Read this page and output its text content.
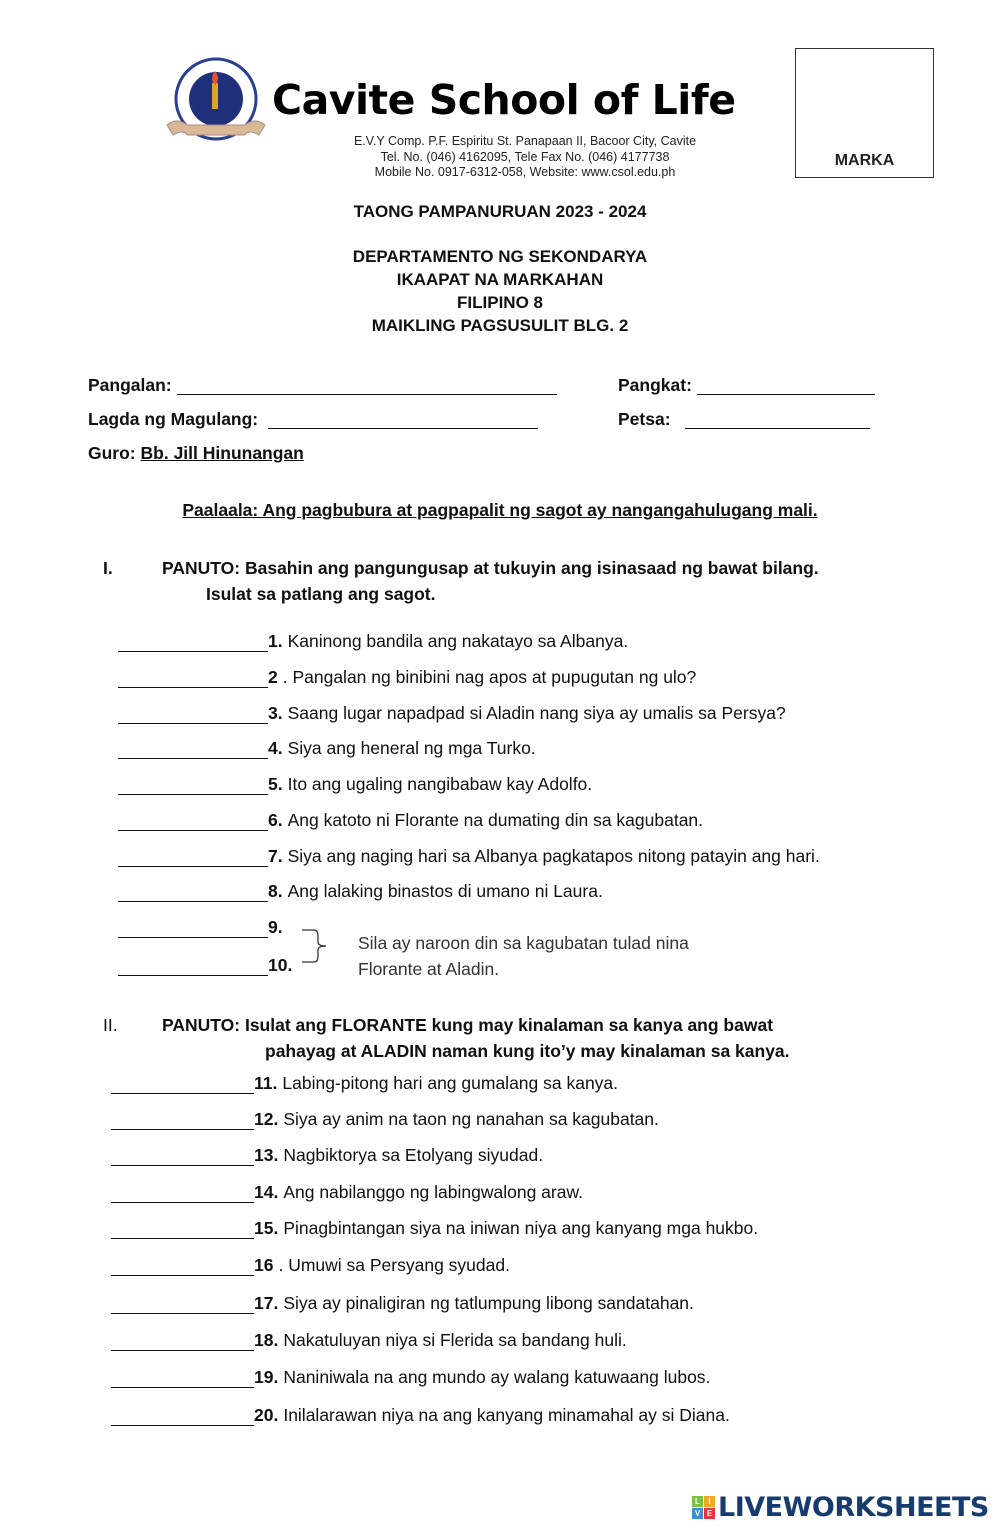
Cavite School of Life
E.V.Y Comp. P.F. Espiritu St. Panapaan II, Bacoor City, Cavite
Tel. No. (046) 4162095, Tele Fax No. (046) 4177738
Mobile No. 0917-6312-058, Website: www.csol.edu.ph
MARKA
TAONG PAMPANURUAN 2023 - 2024
DEPARTAMENTO NG SEKONDARYA
IKAAPAT NA MARKAHAN
FILIPINO 8
MAIKLING PAGSUSULIT BLG. 2
Pangalan:	Pangkat:
Lagda ng Magulang:	Petsa:
Guro: Bb. Jill Hinunangan
Paalaala: Ang pagbubura at pagpapalit ng sagot ay nangangahulugang mali.
I.	PANUTO: Basahin ang pangungusap at tukuyin ang isinasaad ng bawat bilang.
Isulat sa patlang ang sagot.
1. Kaninong bandila ang nakatayo sa Albanya.
2 . Pangalan ng binibini nag apos at pupugutan ng ulo?
3. Saang lugar napadpad si Aladin nang siya ay umalis sa Persya?
4. Siya ang heneral ng mga Turko.
5. Ito ang ugaling nangibabaw kay Adolfo.
6. Ang katoto ni Florante na dumating din sa kagubatan.
7. Siya ang naging hari sa Albanya pagkatapos nitong patayin ang hari.
8. Ang lalaking binastos di umano ni Laura.
9.
10.
Sila ay naroon din sa kagubatan tulad nina
Florante at Aladin.
II.	PANUTO: Isulat ang FLORANTE kung may kinalaman sa kanya ang bawat
pahayag at ALADIN naman kung ito’y may kinalaman sa kanya.
11. Labing-pitong hari ang gumalang sa kanya.
12. Siya ay anim na taon ng nanahan sa kagubatan.
13. Nagbiktorya sa Etolyang siyudad.
14. Ang nabilanggo ng labingwalong araw.
15. Pinagbintangan siya na iniwan niya ang kanyang mga hukbo.
16 . Umuwi sa Persyang syudad.
17. Siya ay pinaligiran ng tatlumpung libong sandatahan.
18. Nakatuluyan niya si Flerida sa bandang huli.
19. Naniniwala na ang mundo ay walang katuwaang lubos.
20. Inilalarawan niya na ang kanyang minamahal ay si Diana.
L	I
V E LIVEWORKSHEETS
